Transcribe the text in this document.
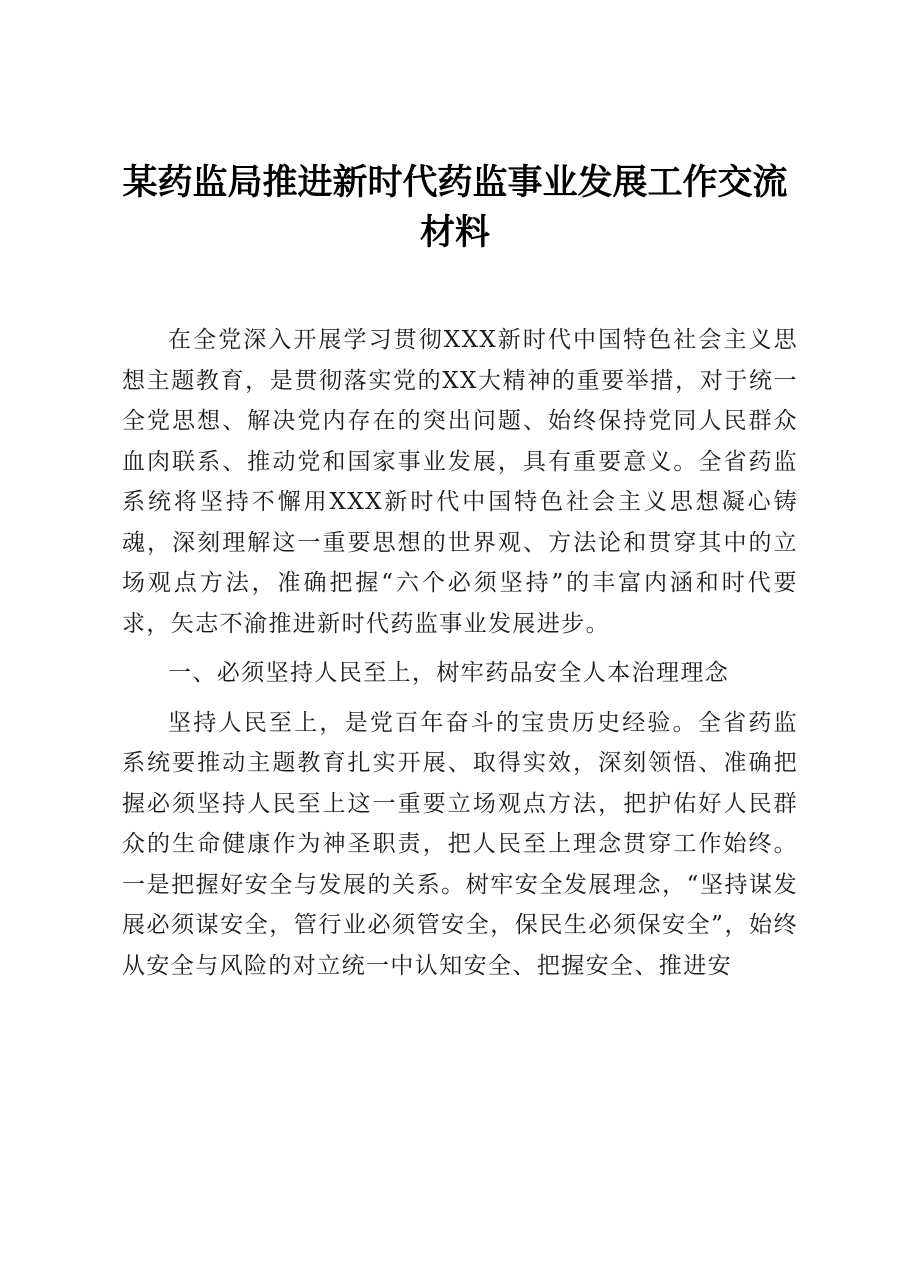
某药监局推进新时代药监事业发展工作交流材料

在全党深入开展学习贯彻XXX新时代中国特色社会主义思想主题教育，是贯彻落实党的XX大精神的重要举措，对于统一全党思想、解决党内存在的突出问题、始终保持党同人民群众血肉联系、推动党和国家事业发展，具有重要意义。全省药监系统将坚持不懈用XXX新时代中国特色社会主义思想凝心铸魂，深刻理解这一重要思想的世界观、方法论和贯穿其中的立场观点方法，准确把握“六个必须坚持”的丰富内涵和时代要求，矢志不渝推进新时代药监事业发展进步。

一、必须坚持人民至上，树牢药品安全人本治理理念

坚持人民至上，是党百年奋斗的宝贵历史经验。全省药监系统要推动主题教育扎实开展、取得实效，深刻领悟、准确把握必须坚持人民至上这一重要立场观点方法，把护佑好人民群众的生命健康作为神圣职责，把人民至上理念贯穿工作始终。一是把握好安全与发展的关系。树牢安全发展理念，“坚持谋发展必须谋安全，管行业必须管安全，保民生必须保安全”，始终从安全与风险的对立统一中认知安全、把握安全、推进安
